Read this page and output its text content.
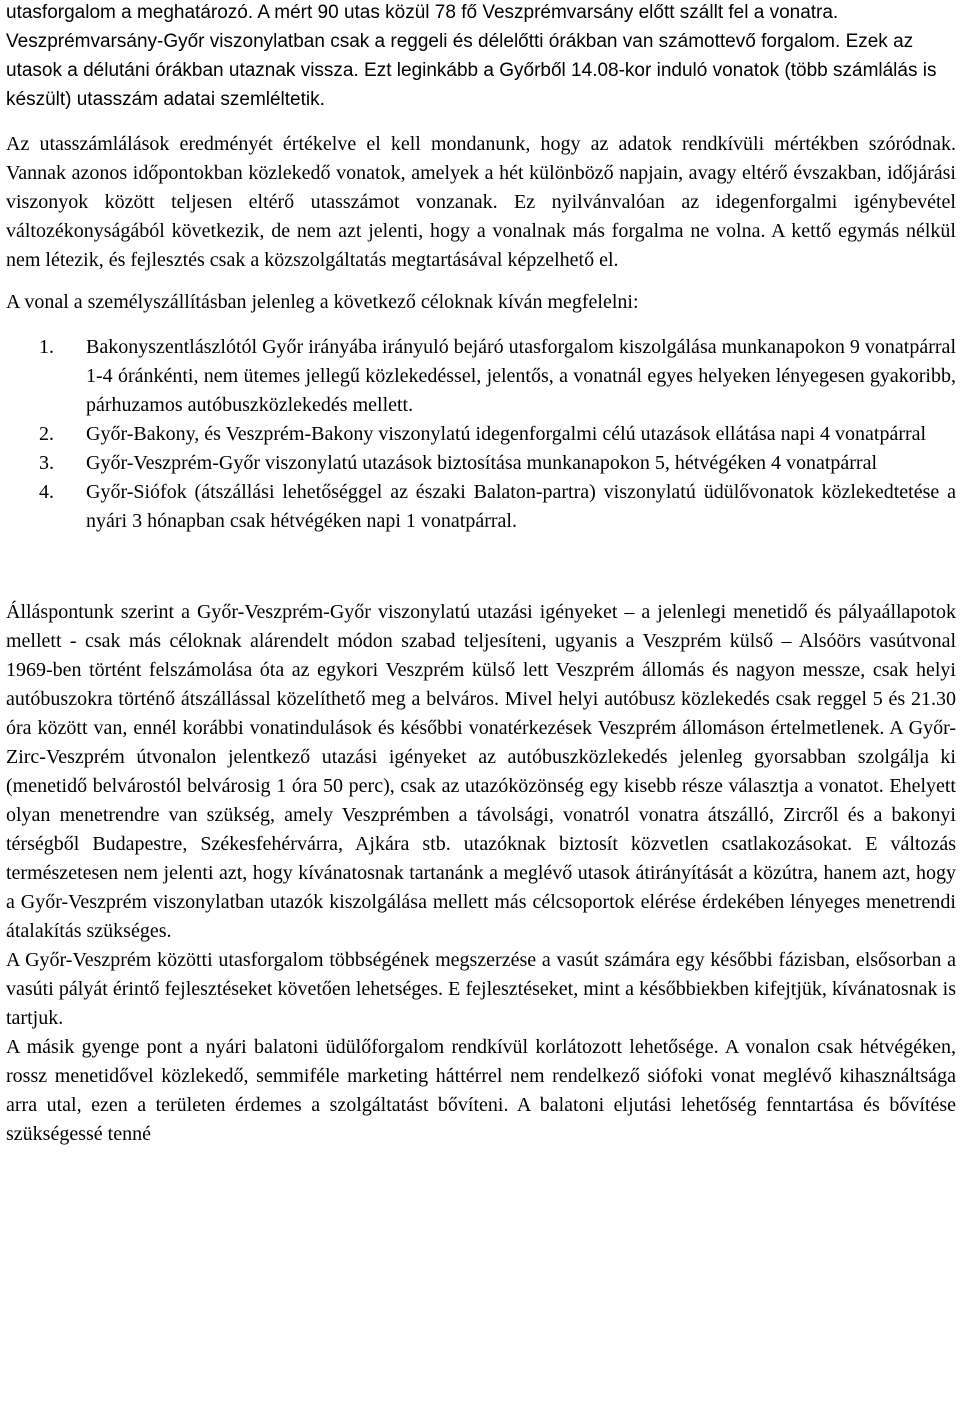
utasforgalom a meghatározó. A mért 90 utas közül 78 fő Veszprémvarsány előtt szállt fel a vonatra.

Veszprémvarsány-Győr viszonylatban csak a reggeli és délelőtti órákban van számottevő forgalom. Ezek az utasok a délutáni órákban utaznak vissza. Ezt leginkább a Győrből 14.08-kor induló vonatok (több számlálás is készült) utasszám adatai szemléltetik.

Az utasszámlálások eredményét értékelve el kell mondanunk, hogy az adatok rendkívüli mértékben szóródnak. Vannak azonos időpontokban közlekedő vonatok, amelyek a hét különböző napjain, avagy eltérő évszakban, időjárási viszonyok között teljesen eltérő utasszámot vonzanak. Ez nyilvánvalóan az idegenforgalmi igénybevétel változékonyságából következik, de nem azt jelenti, hogy a vonalnak más forgalma ne volna. A kettő egymás nélkül nem létezik, és fejlesztés csak a közszolgáltatás megtartásával képzelhető el.

A vonal a személyszállításban jelenleg a következő céloknak kíván megfelelni:

1. Bakonyszentlászlótól Győr irányába irányuló bejáró utasforgalom kiszolgálása munkanapokon 9 vonatpárral 1-4 óránkénti, nem ütemes jellegű közlekedéssel, jelentős, a vonatnál egyes helyeken lényegesen gyakoribb, párhuzamos autóbuszközlekedés mellett.
2. Győr-Bakony, és Veszprém-Bakony viszonylatú idegenforgalmi célú utazások ellátása napi 4 vonatpárral
3. Győr-Veszprém-Győr viszonylatú utazások biztosítása munkanapokon 5, hétvégéken 4 vonatpárral
4. Győr-Siófok (átszállási lehetőséggel az északi Balaton-partra) viszonylatú üdülővonatok közlekedtetése a nyári 3 hónapban csak hétvégéken napi 1 vonatpárral.

Álláspontunk szerint a Győr-Veszprém-Győr viszonylatú utazási igényeket – a jelenlegi menetidő és pályaállapotok mellett - csak más céloknak alárendelt módon szabad teljesíteni, ugyanis a Veszprém külső – Alsóörs vasútvonal 1969-ben történt felszámolása óta az egykori Veszprém külső lett Veszprém állomás és nagyon messze, csak helyi autóbuszokra történő átszállással közelíthető meg a belváros. Mivel helyi autóbusz közlekedés csak reggel 5 és 21.30 óra között van, ennél korábbi vonatindulások és későbbi vonatérkezések Veszprém állomáson értelmetlenek. A Győr-Zirc-Veszprém útvonalon jelentkező utazási igényeket az autóbuszközlekedés jelenleg gyorsabban szolgálja ki (menetidő belvárostól belvárosig 1 óra 50 perc), csak az utazóközönség egy kisebb része választja a vonatot. Ehelyett olyan menetrendre van szükség, amely Veszprémben a távolsági, vonatról vonatra átszálló, Zircről és a bakonyi térségből Budapestre, Székesfehérvárra, Ajkára stb. utazóknak biztosít közvetlen csatlakozásokat. E változás természetesen nem jelenti azt, hogy kívánatosnak tartanánk a meglévő utasok átirányítását a közútra, hanem azt, hogy a Győr-Veszprém viszonylatban utazók kiszolgálása mellett más célcsoportok elérése érdekében lényeges menetrendi átalakítás szükséges.

A Győr-Veszprém közötti utasforgalom többségének megszerzése a vasút számára egy későbbi fázisban, elsősorban a vasúti pályát érintő fejlesztéseket követően lehetséges. E fejlesztéseket, mint a későbbiekben kifejtjük, kívánatosnak is tartjuk.

A másik gyenge pont a nyári balatoni üdülőforgalom rendkívül korlátozott lehetősége. A vonalon csak hétvégéken, rossz menetidővel közlekedő, semmiféle marketing háttérrel nem rendelkező siófoki vonat meglévő kihasználtsága arra utal, ezen a területen érdemes a szolgáltatást bővíteni. A balatoni eljutási lehetőség fenntartása és bővítése szükségessé tenné
